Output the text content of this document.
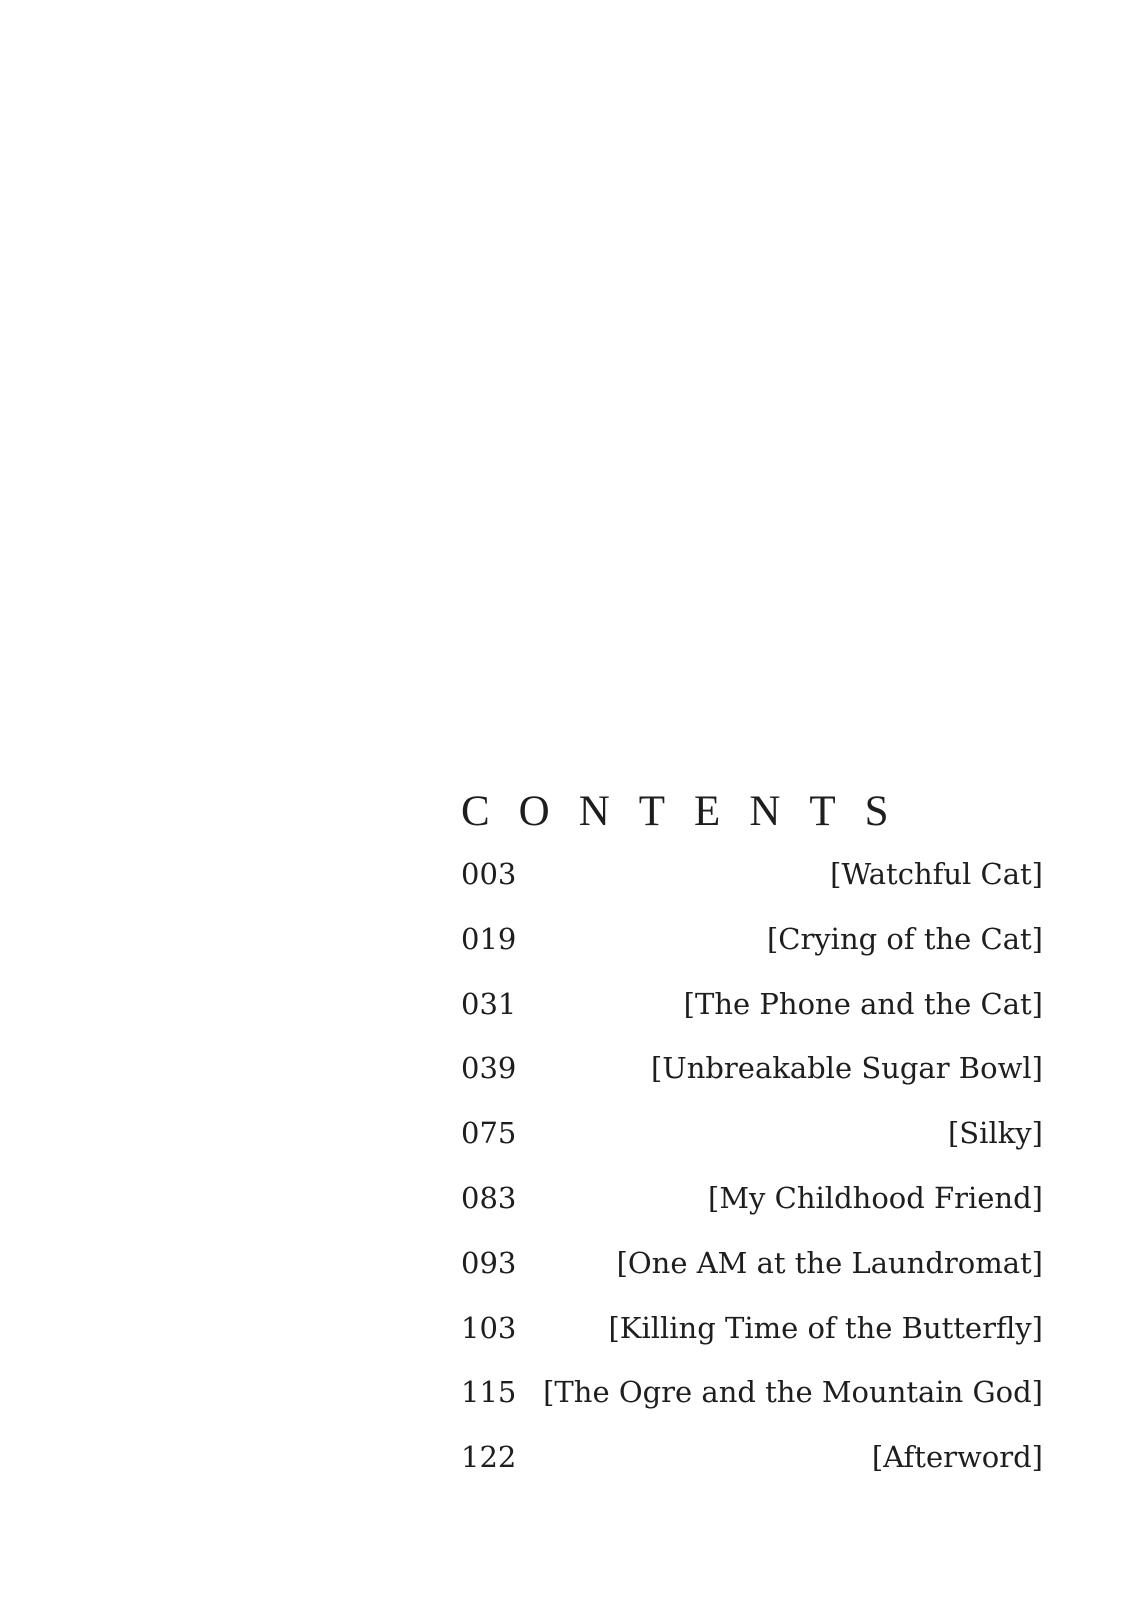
CONTENTS
003	[Watchful Cat]
019	[Crying of the Cat]
031	[The Phone and the Cat]
039	[Unbreakable Sugar Bowl]
075	[Silky]
083	[My Childhood Friend]
093	[One AM at the Laundromat]
103	[Killing Time of the Butterfly]
115 [The Ogre and the Mountain God]
122	[Afterword]
